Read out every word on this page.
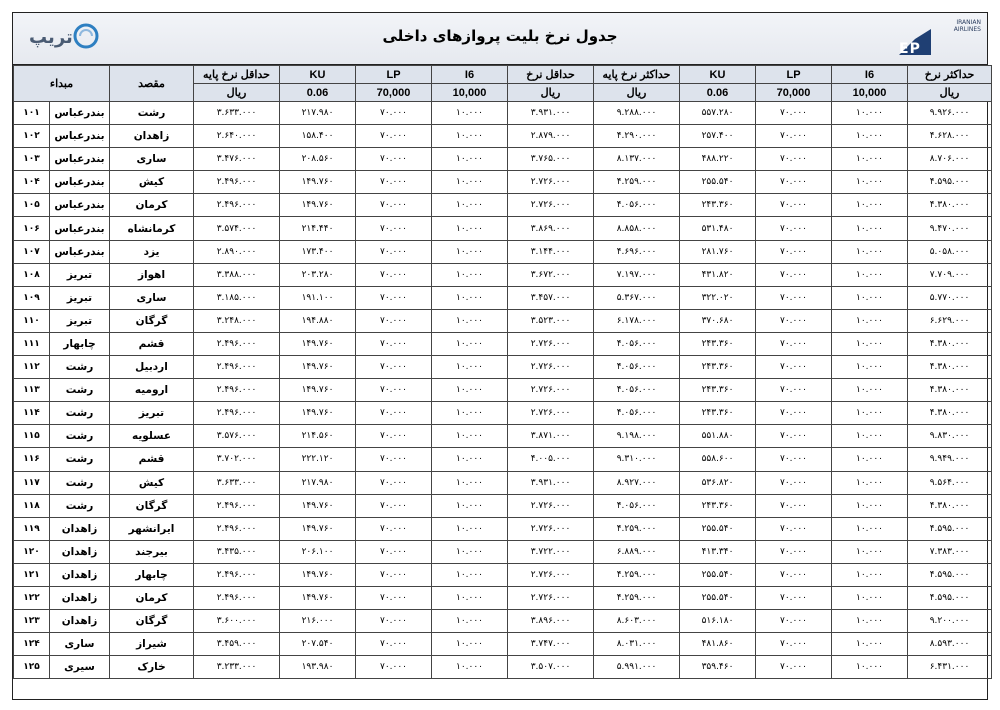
تریپ	جدول نرخ بلیت پروازهای داخلی
EP
IRANIAN AIRLINES
حداکثر نرخ	I6	LP	KU	حداکثر نرخ پایه	حداقل نرخ	I6	LP	KU	حداقل نرخ پایه	مقصد	مبداء	
ریال	10,000	70,000	0.06	ریال	ریال	10,000	70,000	0.06	ریال			
۹.۹۲۶.۰۰۰	۱۰.۰۰۰	۷۰.۰۰۰	۵۵۷.۲۸۰	۹.۲۸۸.۰۰۰	۳.۹۳۱.۰۰۰	۱۰.۰۰۰	۷۰.۰۰۰	۲۱۷.۹۸۰	۳.۶۳۳.۰۰۰	رشت	بندرعباس	۱۰۱
۴.۶۲۸.۰۰۰	۱۰.۰۰۰	۷۰.۰۰۰	۲۵۷.۴۰۰	۴.۲۹۰.۰۰۰	۲.۸۷۹.۰۰۰	۱۰.۰۰۰	۷۰.۰۰۰	۱۵۸.۴۰۰	۲.۶۴۰.۰۰۰	زاهدان	بندرعباس	۱۰۲
۸.۷۰۶.۰۰۰	۱۰.۰۰۰	۷۰.۰۰۰	۴۸۸.۲۲۰	۸.۱۳۷.۰۰۰	۳.۷۶۵.۰۰۰	۱۰.۰۰۰	۷۰.۰۰۰	۲۰۸.۵۶۰	۳.۴۷۶.۰۰۰	ساری	بندرعباس	۱۰۳
۴.۵۹۵.۰۰۰	۱۰.۰۰۰	۷۰.۰۰۰	۲۵۵.۵۴۰	۴.۲۵۹.۰۰۰	۲.۷۲۶.۰۰۰	۱۰.۰۰۰	۷۰.۰۰۰	۱۴۹.۷۶۰	۲.۴۹۶.۰۰۰	کیش	بندرعباس	۱۰۴
۴.۳۸۰.۰۰۰	۱۰.۰۰۰	۷۰.۰۰۰	۲۴۳.۳۶۰	۴.۰۵۶.۰۰۰	۲.۷۲۶.۰۰۰	۱۰.۰۰۰	۷۰.۰۰۰	۱۴۹.۷۶۰	۲.۴۹۶.۰۰۰	کرمان	بندرعباس	۱۰۵
۹.۴۷۰.۰۰۰	۱۰.۰۰۰	۷۰.۰۰۰	۵۳۱.۴۸۰	۸.۸۵۸.۰۰۰	۳.۸۶۹.۰۰۰	۱۰.۰۰۰	۷۰.۰۰۰	۲۱۴.۴۴۰	۳.۵۷۴.۰۰۰	کرمانشاه	بندرعباس	۱۰۶
۵.۰۵۸.۰۰۰	۱۰.۰۰۰	۷۰.۰۰۰	۲۸۱.۷۶۰	۴.۶۹۶.۰۰۰	۳.۱۴۴.۰۰۰	۱۰.۰۰۰	۷۰.۰۰۰	۱۷۳.۴۰۰	۲.۸۹۰.۰۰۰	یزد	بندرعباس	۱۰۷
۷.۷۰۹.۰۰۰	۱۰.۰۰۰	۷۰.۰۰۰	۴۳۱.۸۲۰	۷.۱۹۷.۰۰۰	۳.۶۷۲.۰۰۰	۱۰.۰۰۰	۷۰.۰۰۰	۲۰۳.۲۸۰	۳.۳۸۸.۰۰۰	اهواز	تبریز	۱۰۸
۵.۷۷۰.۰۰۰	۱۰.۰۰۰	۷۰.۰۰۰	۳۲۲.۰۲۰	۵.۳۶۷.۰۰۰	۳.۴۵۷.۰۰۰	۱۰.۰۰۰	۷۰.۰۰۰	۱۹۱.۱۰۰	۳.۱۸۵.۰۰۰	ساری	تبریز	۱۰۹
۶.۶۲۹.۰۰۰	۱۰.۰۰۰	۷۰.۰۰۰	۳۷۰.۶۸۰	۶.۱۷۸.۰۰۰	۳.۵۲۳.۰۰۰	۱۰.۰۰۰	۷۰.۰۰۰	۱۹۴.۸۸۰	۳.۲۴۸.۰۰۰	گرگان	تبریز	۱۱۰
۴.۳۸۰.۰۰۰	۱۰.۰۰۰	۷۰.۰۰۰	۲۴۳.۳۶۰	۴.۰۵۶.۰۰۰	۲.۷۲۶.۰۰۰	۱۰.۰۰۰	۷۰.۰۰۰	۱۴۹.۷۶۰	۲.۴۹۶.۰۰۰	قشم	چابهار	۱۱۱
۴.۳۸۰.۰۰۰	۱۰.۰۰۰	۷۰.۰۰۰	۲۴۳.۳۶۰	۴.۰۵۶.۰۰۰	۲.۷۲۶.۰۰۰	۱۰.۰۰۰	۷۰.۰۰۰	۱۴۹.۷۶۰	۲.۴۹۶.۰۰۰	اردبیل	رشت	۱۱۲
۴.۳۸۰.۰۰۰	۱۰.۰۰۰	۷۰.۰۰۰	۲۴۳.۳۶۰	۴.۰۵۶.۰۰۰	۲.۷۲۶.۰۰۰	۱۰.۰۰۰	۷۰.۰۰۰	۱۴۹.۷۶۰	۲.۴۹۶.۰۰۰	ارومیه	رشت	۱۱۳
۴.۳۸۰.۰۰۰	۱۰.۰۰۰	۷۰.۰۰۰	۲۴۳.۳۶۰	۴.۰۵۶.۰۰۰	۲.۷۲۶.۰۰۰	۱۰.۰۰۰	۷۰.۰۰۰	۱۴۹.۷۶۰	۲.۴۹۶.۰۰۰	تبریز	رشت	۱۱۴
۹.۸۳۰.۰۰۰	۱۰.۰۰۰	۷۰.۰۰۰	۵۵۱.۸۸۰	۹.۱۹۸.۰۰۰	۳.۸۷۱.۰۰۰	۱۰.۰۰۰	۷۰.۰۰۰	۲۱۴.۵۶۰	۳.۵۷۶.۰۰۰	عسلویه	رشت	۱۱۵
۹.۹۴۹.۰۰۰	۱۰.۰۰۰	۷۰.۰۰۰	۵۵۸.۶۰۰	۹.۳۱۰.۰۰۰	۴.۰۰۵.۰۰۰	۱۰.۰۰۰	۷۰.۰۰۰	۲۲۲.۱۲۰	۳.۷۰۲.۰۰۰	قشم	رشت	۱۱۶
۹.۵۶۴.۰۰۰	۱۰.۰۰۰	۷۰.۰۰۰	۵۳۶.۸۲۰	۸.۹۲۷.۰۰۰	۳.۹۳۱.۰۰۰	۱۰.۰۰۰	۷۰.۰۰۰	۲۱۷.۹۸۰	۳.۶۳۳.۰۰۰	کیش	رشت	۱۱۷
۴.۳۸۰.۰۰۰	۱۰.۰۰۰	۷۰.۰۰۰	۲۴۳.۳۶۰	۴.۰۵۶.۰۰۰	۲.۷۲۶.۰۰۰	۱۰.۰۰۰	۷۰.۰۰۰	۱۴۹.۷۶۰	۲.۴۹۶.۰۰۰	گرگان	رشت	۱۱۸
۴.۵۹۵.۰۰۰	۱۰.۰۰۰	۷۰.۰۰۰	۲۵۵.۵۴۰	۴.۲۵۹.۰۰۰	۲.۷۲۶.۰۰۰	۱۰.۰۰۰	۷۰.۰۰۰	۱۴۹.۷۶۰	۲.۴۹۶.۰۰۰	ایرانشهر	زاهدان	۱۱۹
۷.۳۸۳.۰۰۰	۱۰.۰۰۰	۷۰.۰۰۰	۴۱۳.۳۴۰	۶.۸۸۹.۰۰۰	۳.۷۲۲.۰۰۰	۱۰.۰۰۰	۷۰.۰۰۰	۲۰۶.۱۰۰	۳.۴۳۵.۰۰۰	بیرجند	زاهدان	۱۲۰
۴.۵۹۵.۰۰۰	۱۰.۰۰۰	۷۰.۰۰۰	۲۵۵.۵۴۰	۴.۲۵۹.۰۰۰	۲.۷۲۶.۰۰۰	۱۰.۰۰۰	۷۰.۰۰۰	۱۴۹.۷۶۰	۲.۴۹۶.۰۰۰	چابهار	زاهدان	۱۲۱
۴.۵۹۵.۰۰۰	۱۰.۰۰۰	۷۰.۰۰۰	۲۵۵.۵۴۰	۴.۲۵۹.۰۰۰	۲.۷۲۶.۰۰۰	۱۰.۰۰۰	۷۰.۰۰۰	۱۴۹.۷۶۰	۲.۴۹۶.۰۰۰	کرمان	زاهدان	۱۲۲
۹.۲۰۰.۰۰۰	۱۰.۰۰۰	۷۰.۰۰۰	۵۱۶.۱۸۰	۸.۶۰۳.۰۰۰	۳.۸۹۶.۰۰۰	۱۰.۰۰۰	۷۰.۰۰۰	۲۱۶.۰۰۰	۳.۶۰۰.۰۰۰	گرگان	زاهدان	۱۲۳
۸.۵۹۳.۰۰۰	۱۰.۰۰۰	۷۰.۰۰۰	۴۸۱.۸۶۰	۸.۰۳۱.۰۰۰	۳.۷۴۷.۰۰۰	۱۰.۰۰۰	۷۰.۰۰۰	۲۰۷.۵۴۰	۳.۴۵۹.۰۰۰	شیراز	ساری	۱۲۴
۶.۴۳۱.۰۰۰	۱۰.۰۰۰	۷۰.۰۰۰	۳۵۹.۴۶۰	۵.۹۹۱.۰۰۰	۳.۵۰۷.۰۰۰	۱۰.۰۰۰	۷۰.۰۰۰	۱۹۳.۹۸۰	۳.۲۳۳.۰۰۰	خارک	سیری	۱۲۵
